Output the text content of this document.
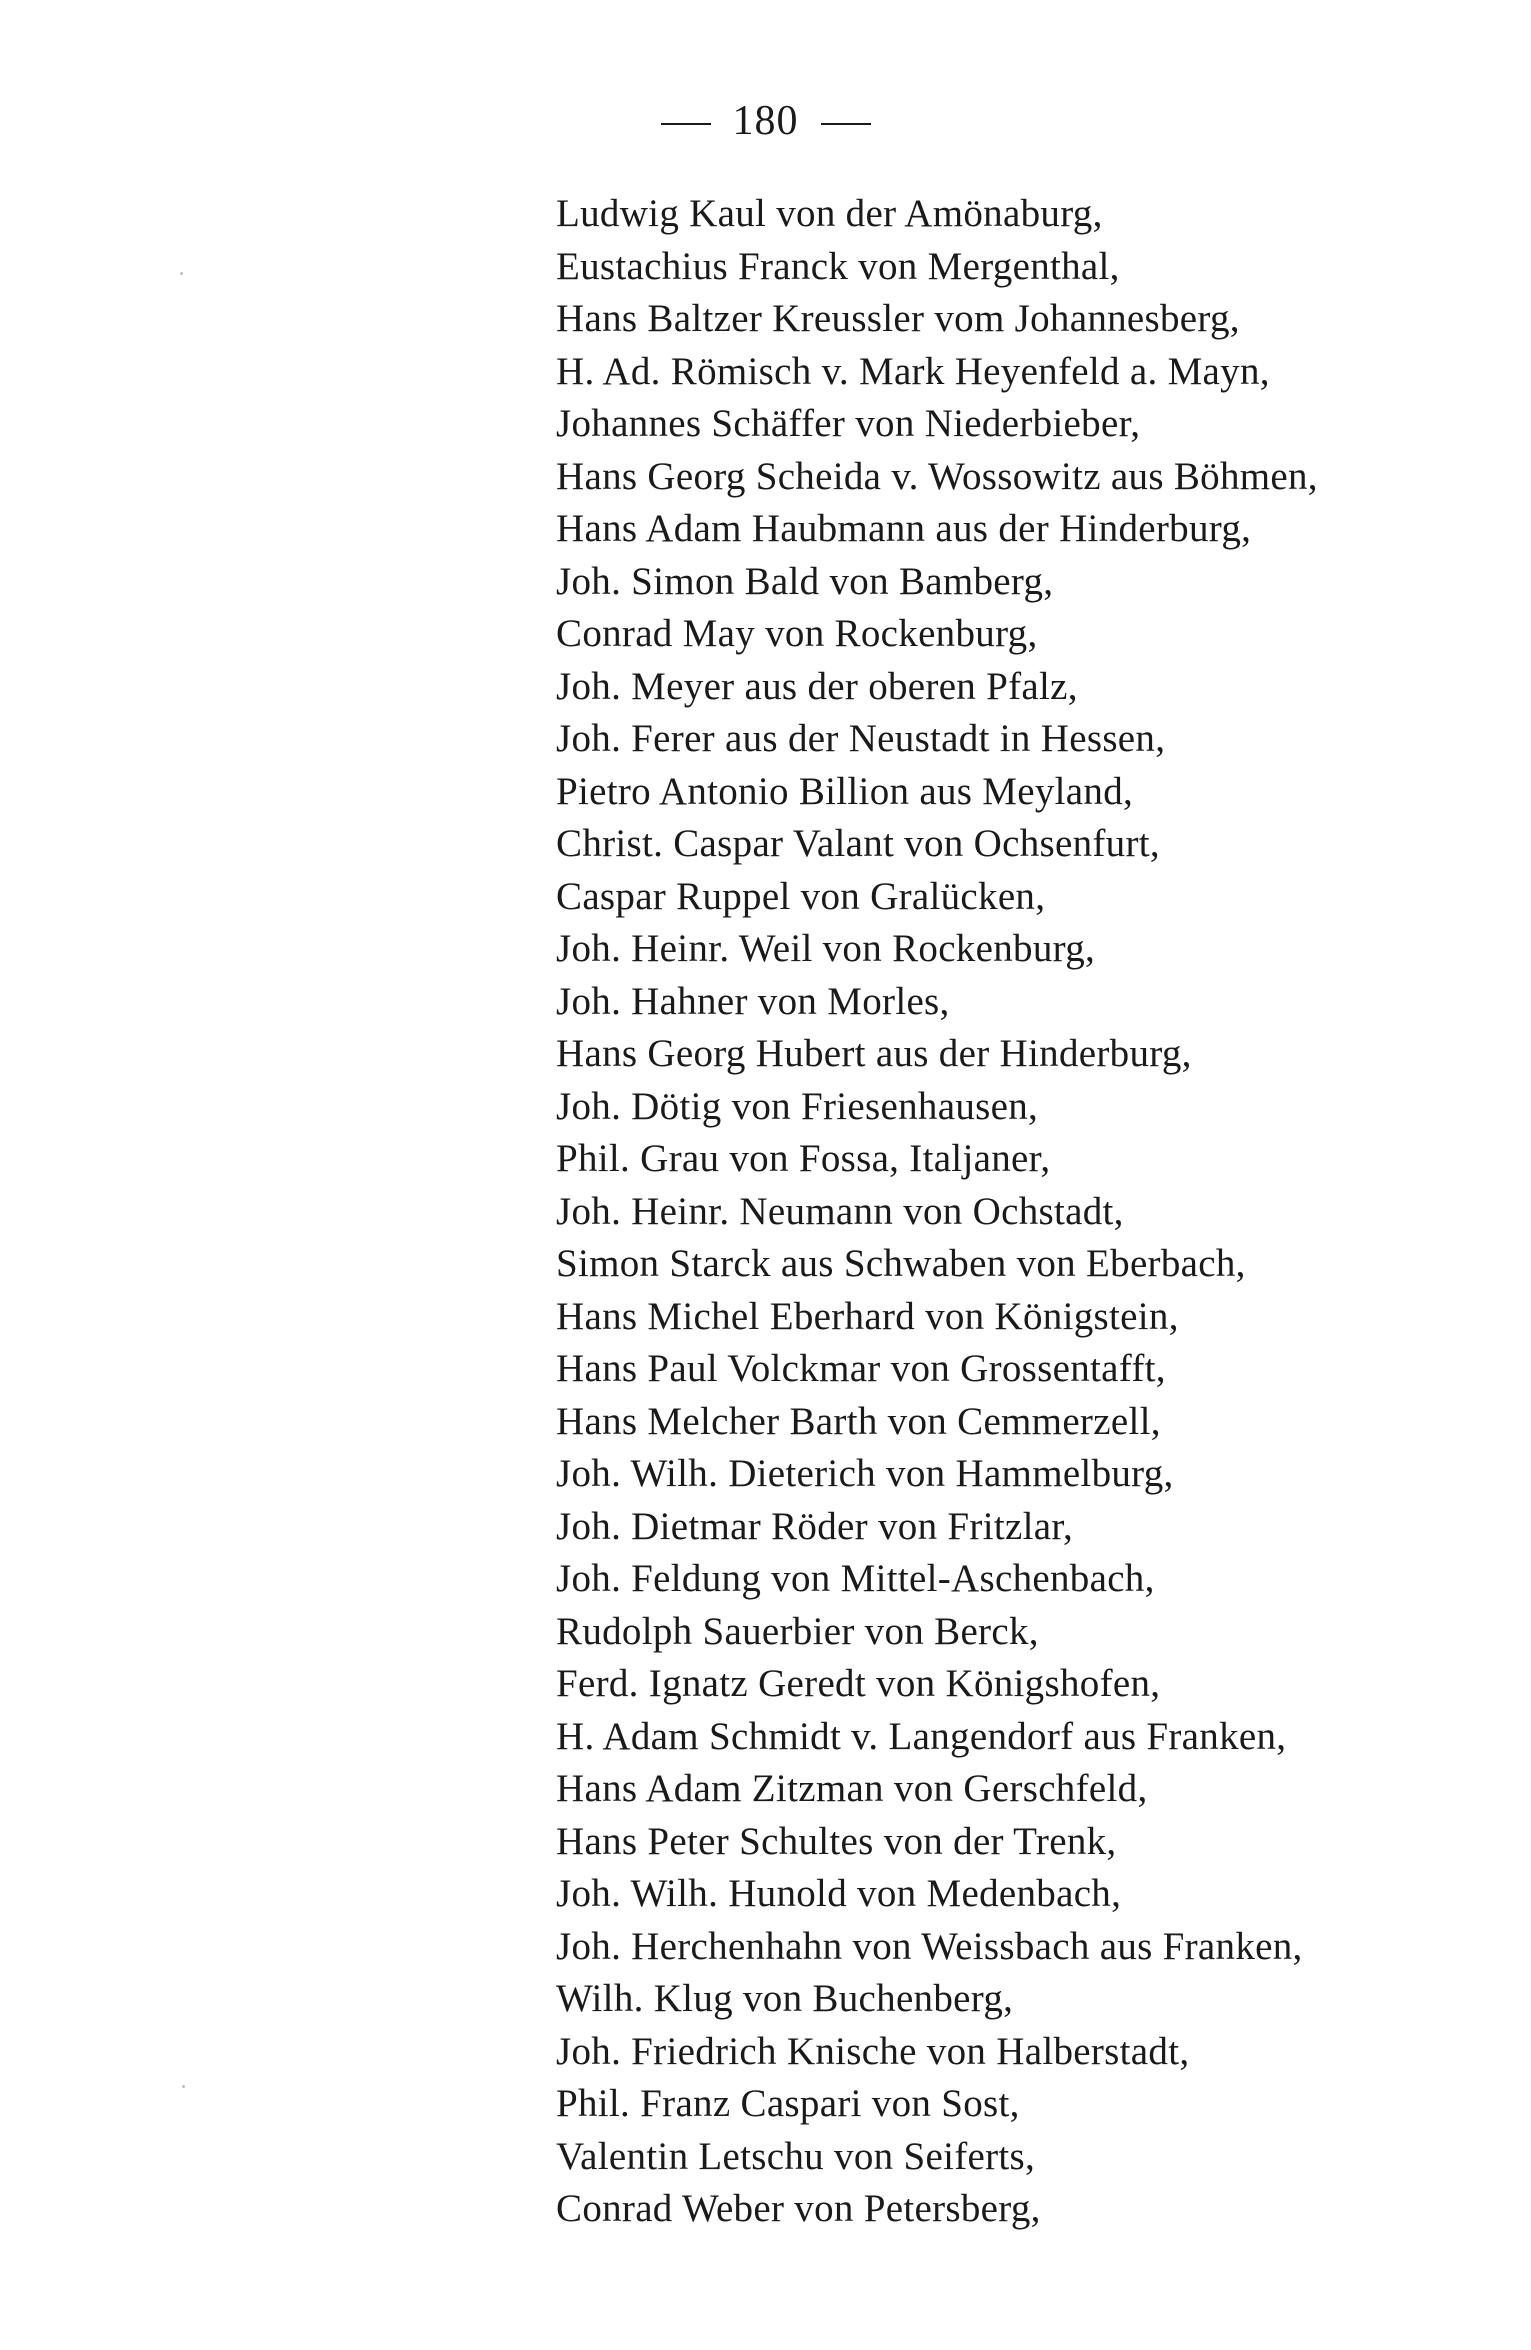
180
Ludwig Kaul von der Amönaburg,
Eustachius Franck von Mergenthal,
Hans Baltzer Kreussler vom Johannesberg,
H. Ad. Römisch v. Mark Heyenfeld a. Mayn,
Johannes Schäffer von Niederbieber,
Hans Georg Scheida v. Wossowitz aus Böhmen,
Hans Adam Haubmann aus der Hinderburg,
Joh. Simon Bald von Bamberg,
Conrad May von Rockenburg,
Joh. Meyer aus der oberen Pfalz,
Joh. Ferer aus der Neustadt in Hessen,
Pietro Antonio Billion aus Meyland,
Christ. Caspar Valant von Ochsenfurt,
Caspar Ruppel von Gralücken,
Joh. Heinr. Weil von Rockenburg,
Joh. Hahner von Morles,
Hans Georg Hubert aus der Hinderburg,
Joh. Dötig von Friesenhausen,
Phil. Grau von Fossa, Italjaner,
Joh. Heinr. Neumann von Ochstadt,
Simon Starck aus Schwaben von Eberbach,
Hans Michel Eberhard von Königstein,
Hans Paul Volckmar von Grossentafft,
Hans Melcher Barth von Cemmerzell,
Joh. Wilh. Dieterich von Hammelburg,
Joh. Dietmar Röder von Fritzlar,
Joh. Feldung von Mittel-Aschenbach,
Rudolph Sauerbier von Berck,
Ferd. Ignatz Geredt von Königshofen,
H. Adam Schmidt v. Langendorf aus Franken,
Hans Adam Zitzman von Gerschfeld,
Hans Peter Schultes von der Trenk,
Joh. Wilh. Hunold von Medenbach,
Joh. Herchenhahn von Weissbach aus Franken,
Wilh. Klug von Buchenberg,
Joh. Friedrich Knische von Halberstadt,
Phil. Franz Caspari von Sost,
Valentin Letschu von Seiferts,
Conrad Weber von Petersberg,
